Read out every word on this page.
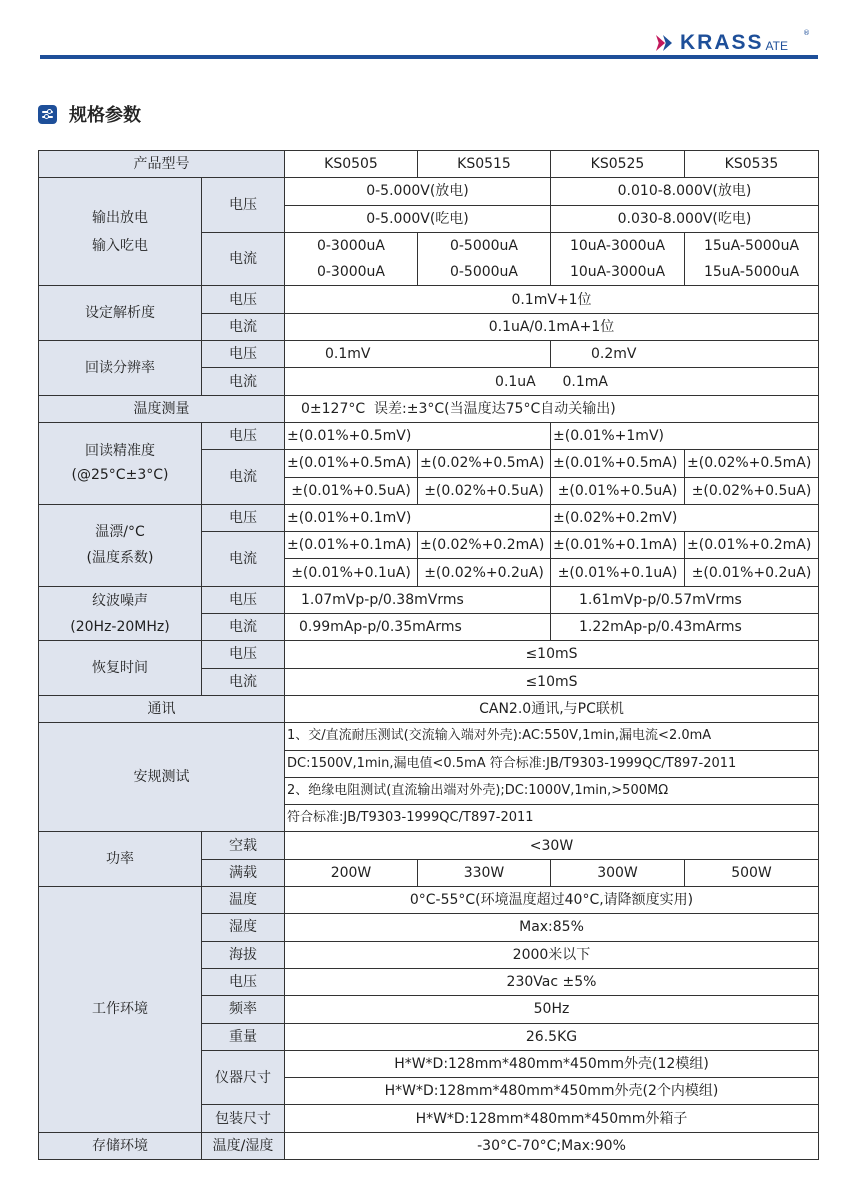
KRASS ATE
®
规格参数
产品型号		KS0505	KS0515	KS0525	KS0535

输出放电
输入吃电	电压	0-5.000V(放电)		0.010-8.000V(放电)	
		0-5.000V(吃电)		0.030-8.000V(吃电)	
	电流	0-3000uA	0-5000uA	10uA-3000uA	15uA-5000uA
		0-3000uA	0-5000uA	10uA-3000uA	15uA-5000uA
设定解析度	电压	0.1mV+1位			
	电流	0.1uA/0.1mA+1位			
回读分辨率	电压	0.1mV		0.2mV	
	电流	0.1uA      0.1mA			
温度测量		0±127°C  误差:±3°C(当温度达75°C自动关输出)			

回读精准度
(@25°C±3°C)	电压	±(0.01%+0.5mV)		±(0.01%+1mV)	
	电流	±(0.01%+0.5mA)	±(0.02%+0.5mA)	±(0.01%+0.5mA)	±(0.02%+0.5mA)
		±(0.01%+0.5uA)	±(0.02%+0.5uA)	±(0.01%+0.5uA)	±(0.02%+0.5uA)

温漂/°C
(温度系数)	电压	±(0.01%+0.1mV)		±(0.02%+0.2mV)	
	电流	±(0.01%+0.1mA)	±(0.02%+0.2mA)	±(0.01%+0.1mA)	±(0.01%+0.2mA)
		±(0.01%+0.1uA)	±(0.02%+0.2uA)	±(0.01%+0.1uA)	±(0.01%+0.2uA)

纹波噪声
(20Hz-20MHz)	电压	1.07mVp-p/0.38mVrms		1.61mVp-p/0.57mVrms	
	电流	0.99mAp-p/0.35mArms		1.22mAp-p/0.43mArms	
恢复时间	电压	≤10mS			
	电流	≤10mS			
通讯		CAN2.0通讯,与PC联机			
安规测试		1、交/直流耐压测试(交流输入端对外壳):AC:550V,1min,漏电流<2.0mA			
		DC:1500V,1min,漏电值<0.5mA 符合标准:JB/T9303-1999QC/T897-2011			
		2、绝缘电阻测试(直流输出端对外壳);DC:1000V,1min,>500MΩ			
		符合标准:JB/T9303-1999QC/T897-2011			
功率	空载	<30W			
	满载	200W	330W	300W	500W
工作环境	温度	0°C-55°C(环境温度超过40°C,请降额度实用)			
	湿度	Max:85%			
	海拔	2000米以下			
	电压	230Vac ±5%			
	频率	50Hz			
	重量	26.5KG			
	仪器尺寸	H*W*D:128mm*480mm*450mm外壳(12模组)			
		H*W*D:128mm*480mm*450mm外壳(2个内模组)			
	包装尺寸	H*W*D:128mm*480mm*450mm外箱子			
存储环境	温度/湿度	-30°C-70°C;Max:90%			
